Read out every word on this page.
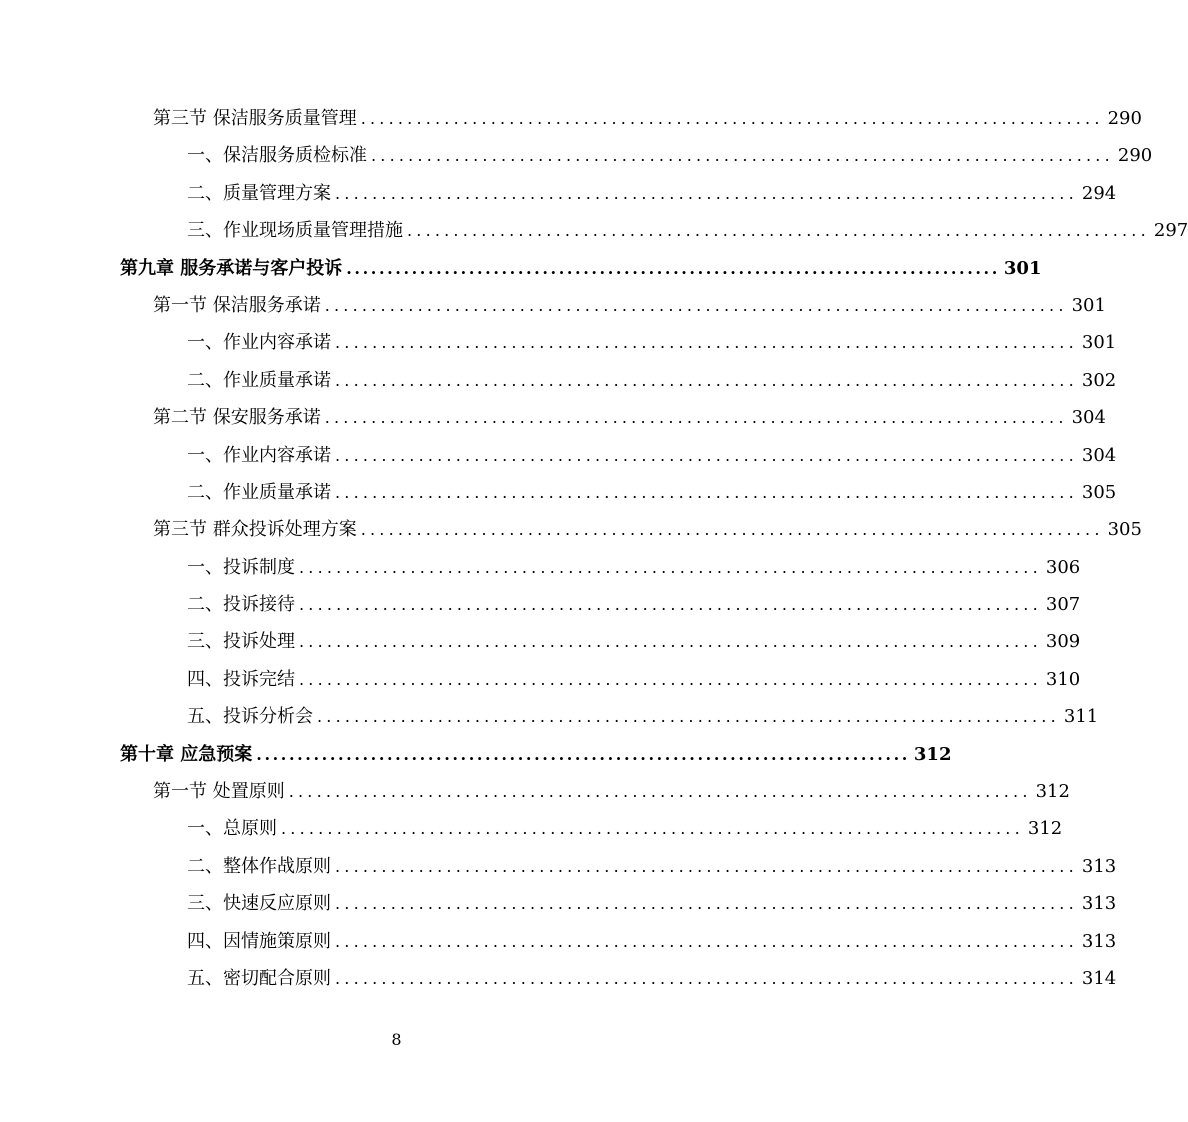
第三节 保洁服务质量管理 ................................................................................ 290
一、保洁服务质检标准 ................................................................................ 290
二、质量管理方案 ................................................................................ 294
三、作业现场质量管理措施 ................................................................................ 297
第九章 服务承诺与客户投诉 ................................................................................ 301
第一节 保洁服务承诺 ................................................................................ 301
一、作业内容承诺 ................................................................................ 301
二、作业质量承诺 ................................................................................ 302
第二节 保安服务承诺 ................................................................................ 304
一、作业内容承诺 ................................................................................ 304
二、作业质量承诺 ................................................................................ 305
第三节 群众投诉处理方案 ................................................................................ 305
一、投诉制度 ................................................................................ 306
二、投诉接待 ................................................................................ 307
三、投诉处理 ................................................................................ 309
四、投诉完结 ................................................................................ 310
五、投诉分析会 ................................................................................ 311
第十章 应急预案 ................................................................................ 312
第一节 处置原则 ................................................................................ 312
一、总原则 ................................................................................ 312
二、整体作战原则 ................................................................................ 313
三、快速反应原则 ................................................................................ 313
四、因情施策原则 ................................................................................ 313
五、密切配合原则 ................................................................................ 314
8
